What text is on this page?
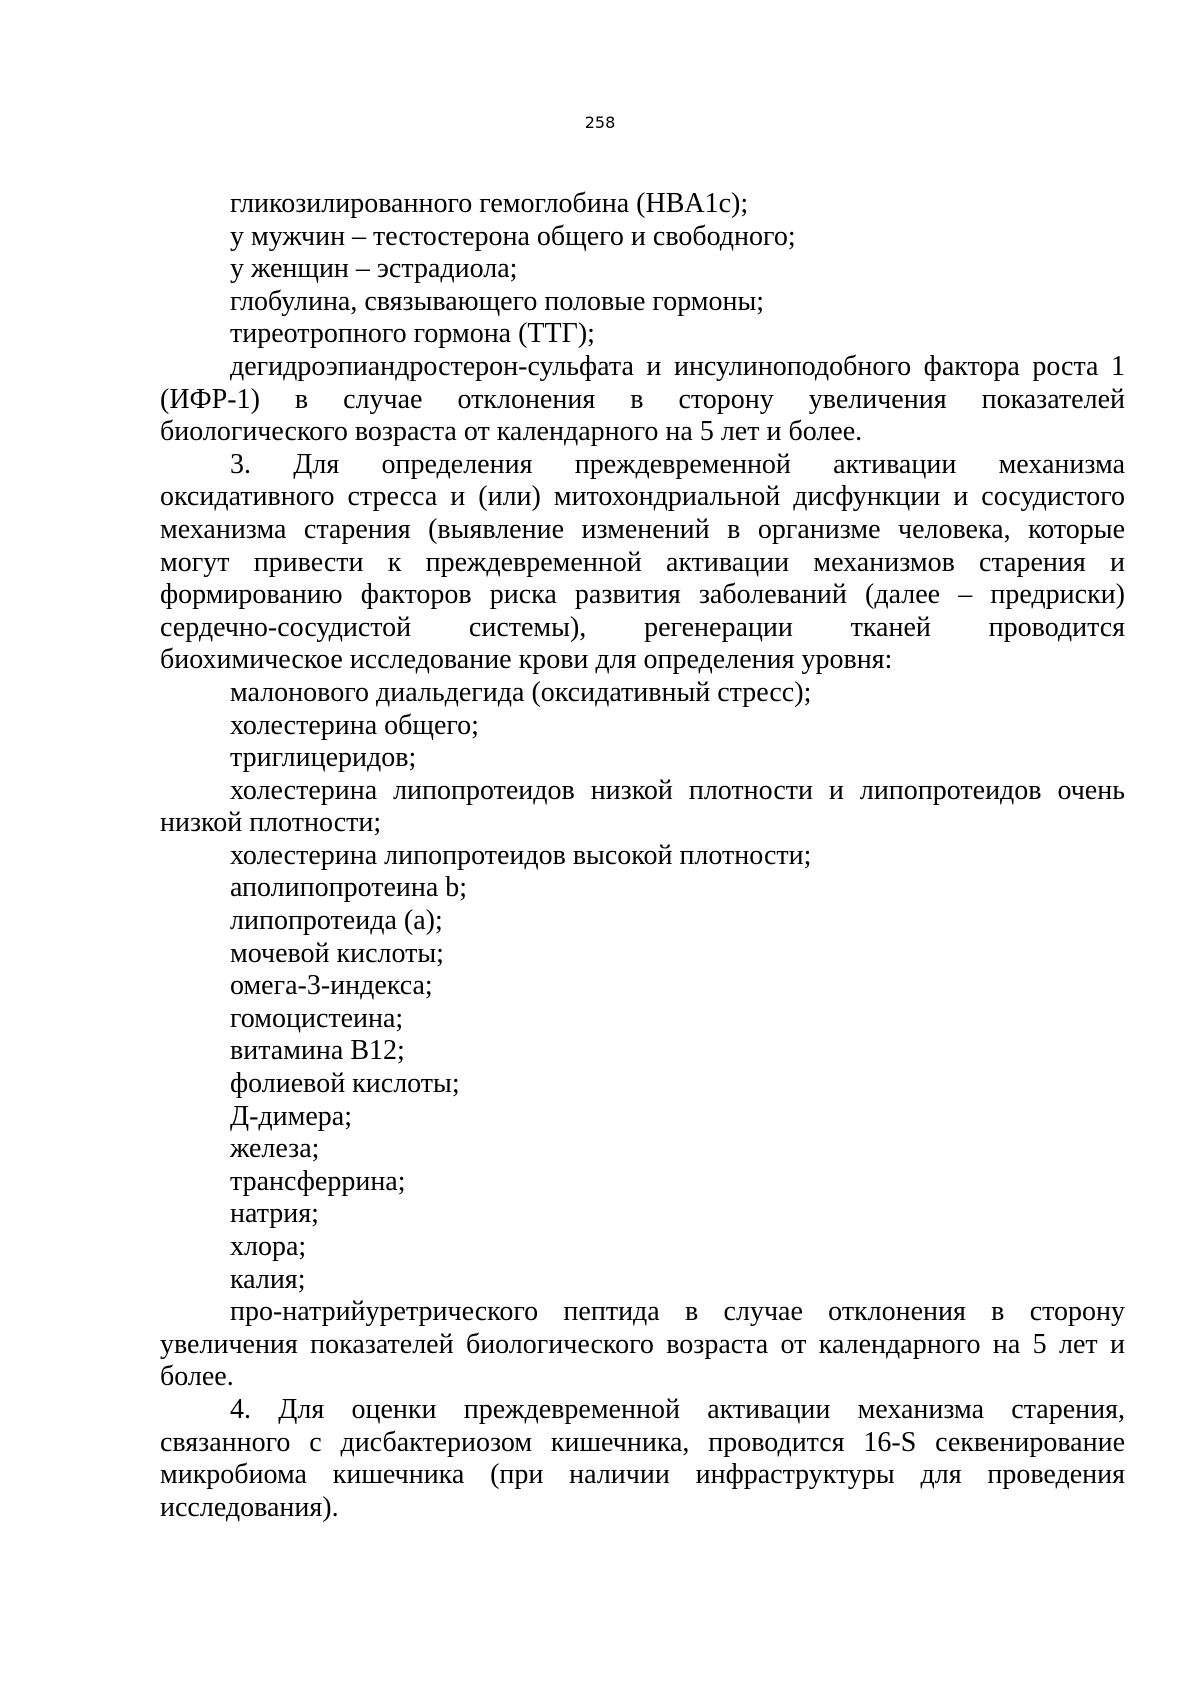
258
гликозилированного гемоглобина (HBA1c);
у мужчин – тестостерона общего и свободного;
у женщин – эстрадиола;
глобулина, связывающего половые гормоны;
тиреотропного гормона (ТТГ);
дегидроэпиандростерон-сульфата и инсулиноподобного фактора роста 1
(ИФР-1) в случае отклонения в сторону увеличения показателей
биологического возраста от календарного на 5 лет и более.
3. Для определения преждевременной активации механизма
оксидативного стресса и (или) митохондриальной дисфункции и сосудистого
механизма старения (выявление изменений в организме человека, которые
могут привести к преждевременной активации механизмов старения и
формированию факторов риска развития заболеваний (далее – предриски)
сердечно-сосудистой системы), регенерации тканей проводится
биохимическое исследование крови для определения уровня:
малонового диальдегида (оксидативный стресс);
холестерина общего;
триглицеридов;
холестерина липопротеидов низкой плотности и липопротеидов очень
низкой плотности;
холестерина липопротеидов высокой плотности;
аполипопротеина b;
липопротеида (а);
мочевой кислоты;
омега-3-индекса;
гомоцистеина;
витамина В12;
фолиевой кислоты;
Д-димера;
железа;
трансферрина;
натрия;
хлора;
калия;
про-натрийуретрического пептида в случае отклонения в сторону
увеличения показателей биологического возраста от календарного на 5 лет и
более.
4. Для оценки преждевременной активации механизма старения,
связанного с дисбактериозом кишечника, проводится 16-S секвенирование
микробиома кишечника (при наличии инфраструктуры для проведения
исследования).
